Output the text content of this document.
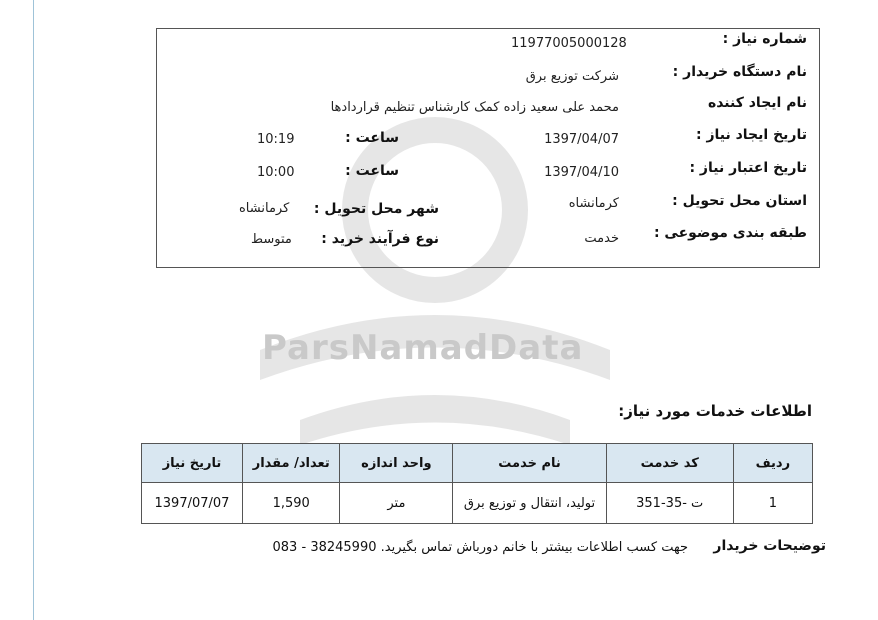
ParsNamadData
شماره نیاز :
1197700500012‎8
نام دستگاه خریدار :
شرکت توزیع برق
نام ایجاد کننده
محمد علی سعید زاده کمک کارشناس تنظیم قراردادها
تاریخ ایجاد نیاز :
1397/04/07
ساعت :
10:19
تاریخ اعتبار نیاز :
1397/04/10
ساعت :
10:00
استان محل تحویل :
کرمانشاه
شهر محل تحویل :
کرمانشاه
طبقه بندی موضوعی :
خدمت
نوع فرآیند خرید :
متوسط
اطلاعات خدمات مورد نیاز:
ردیف	کد خدمت	نام خدمت	واحد اندازه	تعداد/ مقدار	تاریخ نیاز
1	ت -35-351	تولید، انتقال و توزیع برق	متر	1,590	1397/07/07
توضیحات خریدار
جهت کسب اطلاعات بیشتر با خانم دورباش تماس بگیرید. 38245990 - 083
